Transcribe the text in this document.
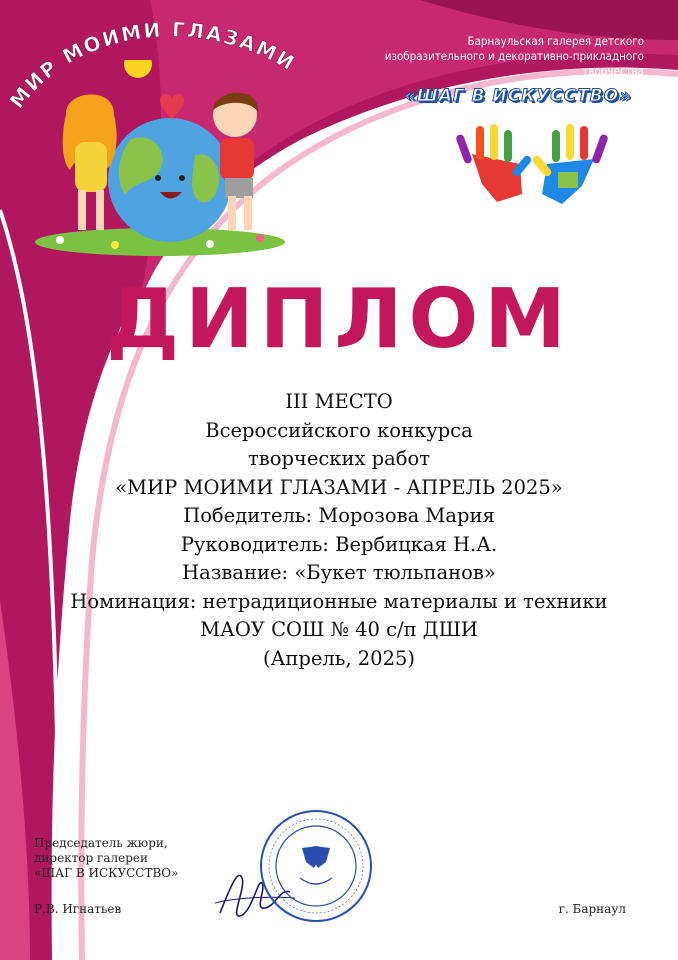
МИР МОИМИ ГЛАЗАМИ
Барнаульская галерея детского
изобразительного и декоративно-прикладного творчества
«ШАГ В ИСКУССТВО»
ДИПЛОМ
III МЕСТО
Всероссийского конкурса
творческих работ
«МИР МОИМИ ГЛАЗАМИ - АПРЕЛЬ 2025»
Победитель: Морозова Мария
Руководитель: Вербицкая Н.А.
Название: «Букет тюльпанов»
Номинация: нетрадиционные материалы и техники
МАОУ СОШ № 40 с/п ДШИ
(Апрель, 2025)
Председатель жюри,
директор галереи
«ШАГ В ИСКУССТВО»
Р.В. Игнатьев	г. Барнаул
